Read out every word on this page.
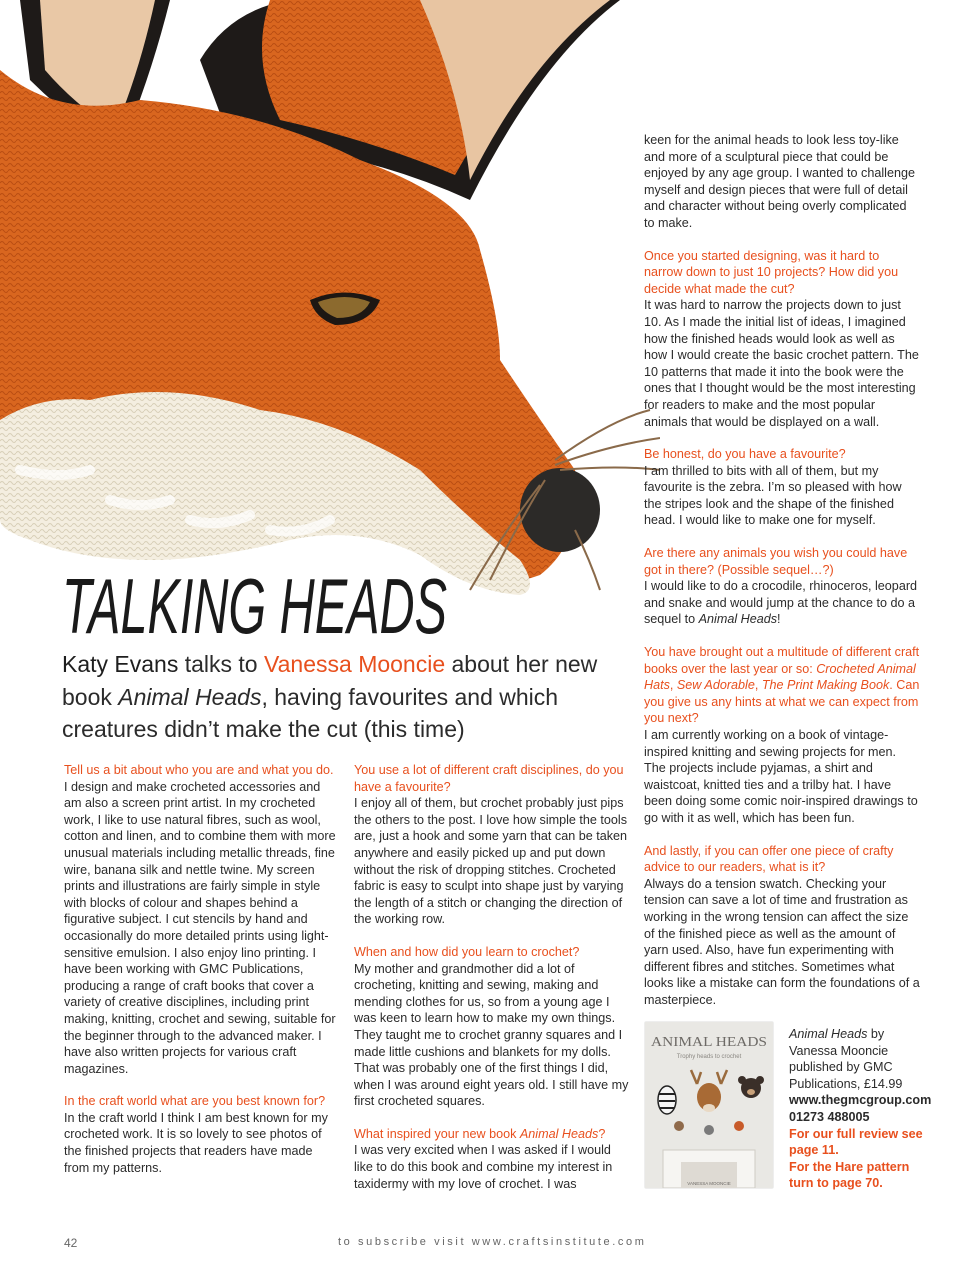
TALKING HEADS
Katy Evans talks to Vanessa Mooncie about her new book Animal Heads, having favourites and which creatures didn’t make the cut (this time)

Tell us a bit about who you are and what you do.

I design and make crocheted accessories and am also a screen print artist. In my crocheted work, I like to use natural fibres, such as wool, cotton and linen, and to combine them with more unusual materials including metallic threads, fine wire, banana silk and nettle twine. My screen prints and illustrations are fairly simple in style with blocks of colour and shapes behind a figurative subject. I cut stencils by hand and occasionally do more detailed prints using light-sensitive emulsion. I also enjoy lino printing. I have been working with GMC Publications, producing a range of craft books that cover a variety of creative disciplines, including print making, knitting, crochet and sewing, suitable for the beginner through to the advanced maker. I have also written projects for various craft magazines.

In the craft world what are you best known for?

In the craft world I think I am best known for my crocheted work. It is so lovely to see photos of the finished projects that readers have made from my patterns.

You use a lot of different craft disciplines, do you have a favourite?

I enjoy all of them, but crochet probably just pips the others to the post. I love how simple the tools are, just a hook and some yarn that can be taken anywhere and easily picked up and put down without the risk of dropping stitches. Crocheted fabric is easy to sculpt into shape just by varying the length of a stitch or changing the direction of the working row.

When and how did you learn to crochet?

My mother and grandmother did a lot of crocheting, knitting and sewing, making and mending clothes for us, so from a young age I was keen to learn how to make my own things. They taught me to crochet granny squares and I made little cushions and blankets for my dolls. That was probably one of the first things I did, when I was around eight years old. I still have my first crocheted squares.

What inspired your new book Animal Heads?

I was very excited when I was asked if I would like to do this book and combine my interest in taxidermy with my love of crochet. I was

keen for the animal heads to look less toy-like and more of a sculptural piece that could be enjoyed by any age group. I wanted to challenge myself and design pieces that were full of detail and character without being overly complicated to make.

Once you started designing, was it hard to narrow down to just 10 projects? How did you decide what made the cut?

It was hard to narrow the projects down to just 10. As I made the initial list of ideas, I imagined how the finished heads would look as well as how I would create the basic crochet pattern. The 10 patterns that made it into the book were the ones that I thought would be the most interesting for readers to make and the most popular animals that would be displayed on a wall.

Be honest, do you have a favourite?

I am thrilled to bits with all of them, but my favourite is the zebra. I’m so pleased with how the stripes look and the shape of the finished head. I would like to make one for myself.

Are there any animals you wish you could have got in there? (Possible sequel…?)

I would like to do a crocodile, rhinoceros, leopard and snake and would jump at the chance to do a sequel to Animal Heads!

You have brought out a multitude of different craft books over the last year or so: Crocheted Animal Hats, Sew Adorable, The Print Making Book. Can you give us any hints at what we can expect from you next?

I am currently working on a book of vintage-inspired knitting and sewing projects for men. The projects include pyjamas, a shirt and waistcoat, knitted ties and a trilby hat. I have been doing some comic noir-inspired drawings to go with it as well, which has been fun.

And lastly, if you can offer one piece of crafty advice to our readers, what is it?

Always do a tension swatch. Checking your tension can save a lot of time and frustration as working in the wrong tension can affect the size of the finished piece as well as the amount of yarn used. Also, have fun experimenting with different fibres and stitches. Sometimes what looks like a mistake can form the foundations of a masterpiece.

ANIMAL HEADS
Trophy heads to crochet
VANESSA MOONCIE

Animal Heads by

Vanessa Mooncie published by GMC Publications, £14.99

www.thegmcgroup.com 01273 488005

For our full review see page 11.

For the Hare pattern turn to page 70.

42	to subscribe visit www.craftsinstitute.com
